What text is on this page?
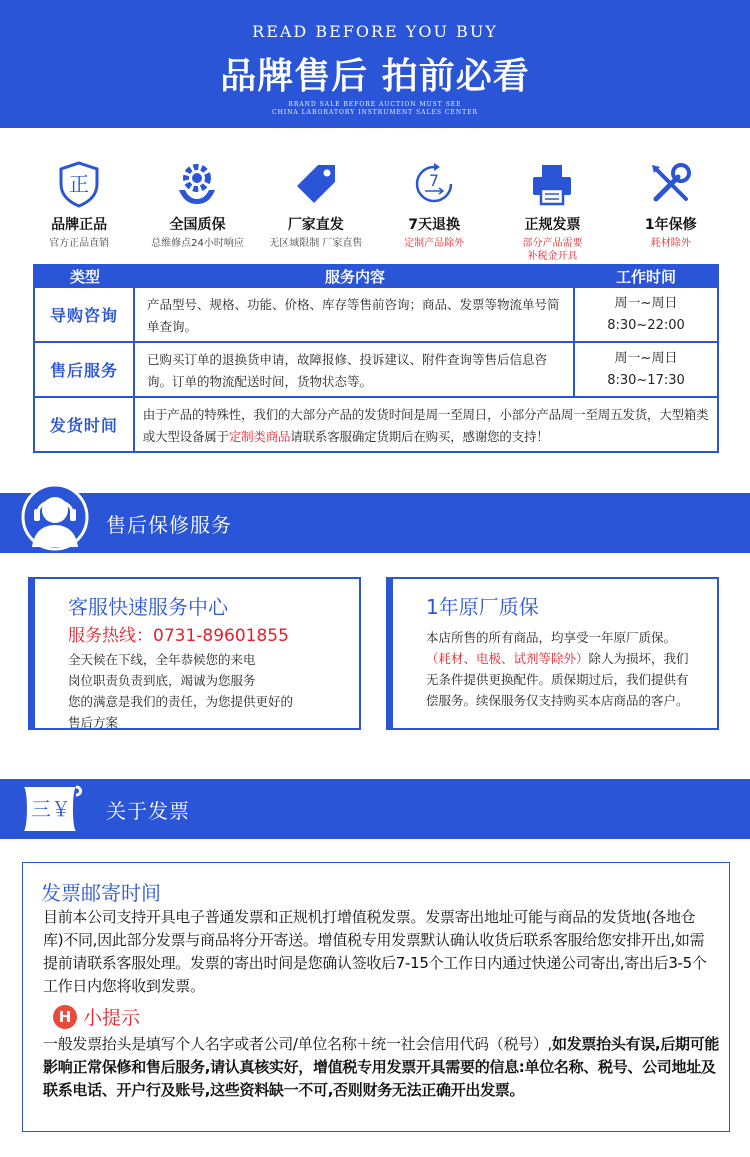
READ BEFORE YOU BUY
品牌售后 拍前必看
BRAND SALE BEFORE AUCTION MUST SEE
CHINA LABORATORY INSTRUMENT SALES CENTER
正
品牌正品
官方正品直销
全国质保
总维修点24小时响应
厂家直发
无区域限制 厂家直售
7
7天退换
定制产品除外
正规发票
部分产品需要
补税金开具
1年保修
耗材除外
类型	服务内容	工作时间
导购咨询
产品型号、规格、功能、价格、库存等售前咨询；商品、发票等物流单号简单查询。
周一~周日
8:30~22:00
售后服务
已购买订单的退换货申请，故障报修、投诉建议、附件查询等售后信息咨询。订单的物流配送时间，货物状态等。
周一~周日
8:30~17:30
发货时间
由于产品的特殊性，我们的大部分产品的发货时间是周一至周日，小部分产品周一至周五发货，大型箱类或大型设备属于定制类商品请联系客服确定货期后在购买，感谢您的支持！
售后保修服务
客服快速服务中心
服务热线：0731-89601855
全天候在下线，全年恭候您的来电
岗位职责负责到底，竭诚为您服务
您的满意是我们的责任，为您提供更好的
售后方案
1年原厂质保
本店所售的所有商品，均享受一年原厂质保。（耗材、电极、试剂等除外）除人为损坏，我们无条件提供更换配件。质保期过后，我们提供有偿服务。续保服务仅支持购买本店商品的客户。
三￥ 关于发票
发票邮寄时间
目前本公司支持开具电子普通发票和正规机打增值税发票。发票寄出地址可能与商品的发货地(各地仓库)不同,因此部分发票与商品将分开寄送。增值税专用发票默认确认收货后联系客服给您安排开出,如需提前请联系客服处理。发票的寄出时间是您确认签收后7-15个工作日内通过快递公司寄出,寄出后3-5个工作日内您将收到发票。
H 小提示
一般发票抬头是填写个人名字或者公司/单位名称＋统一社会信用代码（税号）,如发票抬头有误,后期可能影响正常保修和售后服务,请认真核实好，增值税专用发票开具需要的信息:单位名称、税号、公司地址及联系电话、开户行及账号,这些资料缺一不可,否则财务无法正确开出发票。
